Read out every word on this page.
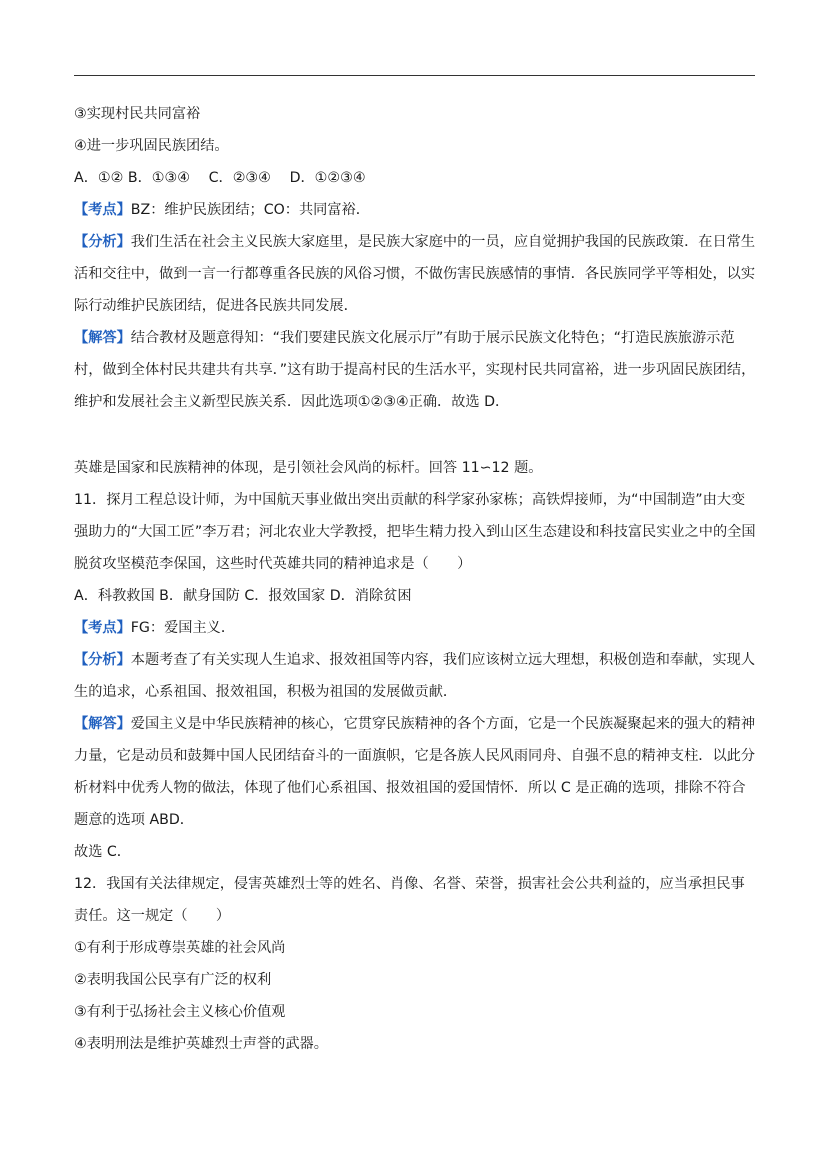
③实现村民共同富裕

④进一步巩固民族团结。

A．①② B．①③④　 C．②③④　 D．①②③④

【考点】BZ：维护民族团结；CO：共同富裕．

【分析】我们生活在社会主义民族大家庭里，是民族大家庭中的一员，应自觉拥护我国的民族政策．在日常生活和交往中，做到一言一行都尊重各民族的风俗习惯，不做伤害民族感情的事情．各民族同学平等相处，以实际行动维护民族团结，促进各民族共同发展．

【解答】结合教材及题意得知：“我们要建民族文化展示厅”有助于展示民族文化特色；“打造民族旅游示范村，做到全体村民共建共有共享．”这有助于提高村民的生活水平，实现村民共同富裕，进一步巩固民族团结，维护和发展社会主义新型民族关系．因此选项①②③④正确．故选 D．

英雄是国家和民族精神的体现，是引领社会风尚的标杆。回答 11∽12 题。

11．探月工程总设计师，为中国航天事业做出突出贡献的科学家孙家栋；高铁焊接师，为“中国制造”由大变强助力的“大国工匠”李万君；河北农业大学教授，把毕生精力投入到山区生态建设和科技富民实业之中的全国脱贫攻坚模范李保国，这些时代英雄共同的精神追求是（　　）

A．科教救国 B．献身国防 C．报效国家 D．消除贫困

【考点】FG：爱国主义．

【分析】本题考查了有关实现人生追求、报效祖国等内容，我们应该树立远大理想，积极创造和奉献，实现人生的追求，心系祖国、报效祖国，积极为祖国的发展做贡献．

【解答】爱国主义是中华民族精神的核心，它贯穿民族精神的各个方面，它是一个民族凝聚起来的强大的精神力量，它是动员和鼓舞中国人民团结奋斗的一面旗帜，它是各族人民风雨同舟、自强不息的精神支柱．以此分析材料中优秀人物的做法，体现了他们心系祖国、报效祖国的爱国情怀．所以 C 是正确的选项，排除不符合题意的选项 ABD．

故选 C．

12．我国有关法律规定，侵害英雄烈士等的姓名、肖像、名誉、荣誉，损害社会公共利益的，应当承担民事责任。这一规定（　　）

①有利于形成尊崇英雄的社会风尚

②表明我国公民享有广泛的权利

③有利于弘扬社会主义核心价值观

④表明刑法是维护英雄烈士声誉的武器。
